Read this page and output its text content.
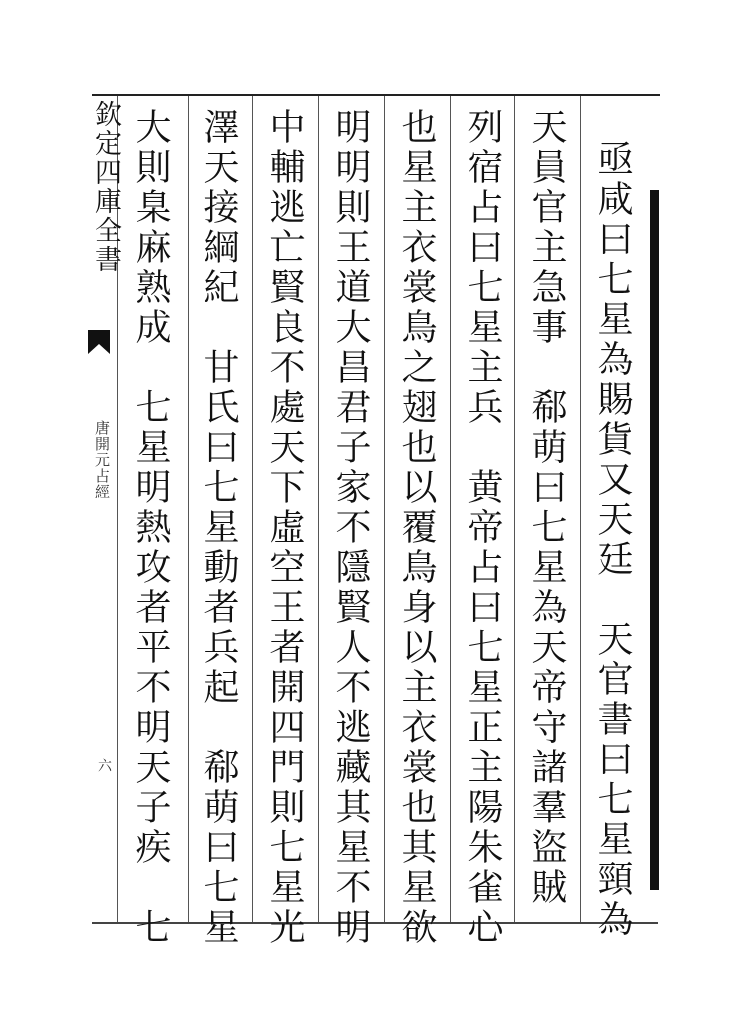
欽定四庫全書
唐開元占經
六	亟咸曰七星為賜貨又天廷　天官書曰七星頸為
天員官主急事　郗萌曰七星為天帝守諸羣盜賊
列宿占曰七星主兵　黄帝占曰七星正主陽朱雀心
也星主衣裳鳥之翅也以覆鳥身以主衣裳也其星欲
明明則王道大昌君子家不隱賢人不逃藏其星不明
中輔逃亡賢良不處天下虛空王者開四門則七星光
澤天接綱紀　甘氏曰七星動者兵起　郗萌曰七星
大則臬麻熟成　七星明熱攻者平不明天子疾　七
